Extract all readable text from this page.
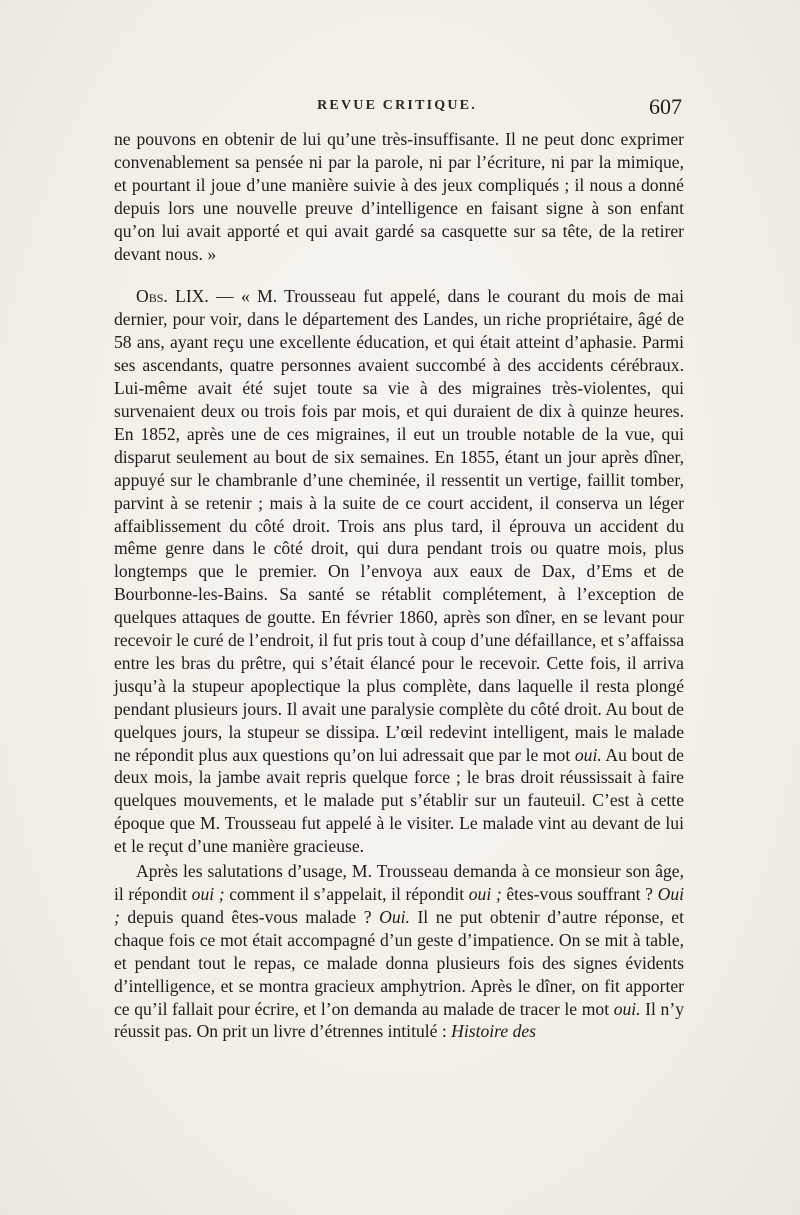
REVUE CRITIQUE.	607

ne pouvons en obtenir de lui qu’une très-insuffisante. Il ne peut donc exprimer convenablement sa pensée ni par la parole, ni par l’écriture, ni par la mimique, et pourtant il joue d’une manière suivie à des jeux compliqués ; il nous a donné depuis lors une nouvelle preuve d’intelligence en faisant signe à son enfant qu’on lui avait apporté et qui avait gardé sa casquette sur sa tête, de la retirer devant nous. »

Obs. LIX. — « M. Trousseau fut appelé, dans le courant du mois de mai dernier, pour voir, dans le département des Landes, un riche propriétaire, âgé de 58 ans, ayant reçu une excellente éducation, et qui était atteint d’aphasie. Parmi ses ascendants, quatre personnes avaient succombé à des accidents cérébraux. Lui-même avait été sujet toute sa vie à des migraines très-violentes, qui survenaient deux ou trois fois par mois, et qui duraient de dix à quinze heures. En 1852, après une de ces migraines, il eut un trouble notable de la vue, qui disparut seulement au bout de six semaines. En 1855, étant un jour après dîner, appuyé sur le chambranle d’une cheminée, il ressentit un vertige, faillit tomber, parvint à se retenir ; mais à la suite de ce court accident, il conserva un léger affaiblissement du côté droit. Trois ans plus tard, il éprouva un accident du même genre dans le côté droit, qui dura pendant trois ou quatre mois, plus longtemps que le premier. On l’envoya aux eaux de Dax, d’Ems et de Bourbonne-les-Bains. Sa santé se rétablit complétement, à l’exception de quelques attaques de goutte. En février 1860, après son dîner, en se levant pour recevoir le curé de l’endroit, il fut pris tout à coup d’une défaillance, et s’affaissa entre les bras du prêtre, qui s’était élancé pour le recevoir. Cette fois, il arriva jusqu’à la stupeur apoplectique la plus complète, dans laquelle il resta plongé pendant plusieurs jours. Il avait une paralysie complète du côté droit. Au bout de quelques jours, la stupeur se dissipa. L’œil redevint intelligent, mais le malade ne répondit plus aux questions qu’on lui adressait que par le mot oui. Au bout de deux mois, la jambe avait repris quelque force ; le bras droit réussissait à faire quelques mouvements, et le malade put s’établir sur un fauteuil. C’est à cette époque que M. Trousseau fut appelé à le visiter. Le malade vint au devant de lui et le reçut d’une manière gracieuse.

Après les salutations d’usage, M. Trousseau demanda à ce monsieur son âge, il répondit oui ; comment il s’appelait, il répondit oui ; êtes-vous souffrant ? Oui ; depuis quand êtes-vous malade ? Oui. Il ne put obtenir d’autre réponse, et chaque fois ce mot était accompagné d’un geste d’impatience. On se mit à table, et pendant tout le repas, ce malade donna plusieurs fois des signes évidents d’intelligence, et se montra gracieux amphytrion. Après le dîner, on fit apporter ce qu’il fallait pour écrire, et l’on demanda au malade de tracer le mot oui. Il n’y réussit pas. On prit un livre d’étrennes intitulé : Histoire des
